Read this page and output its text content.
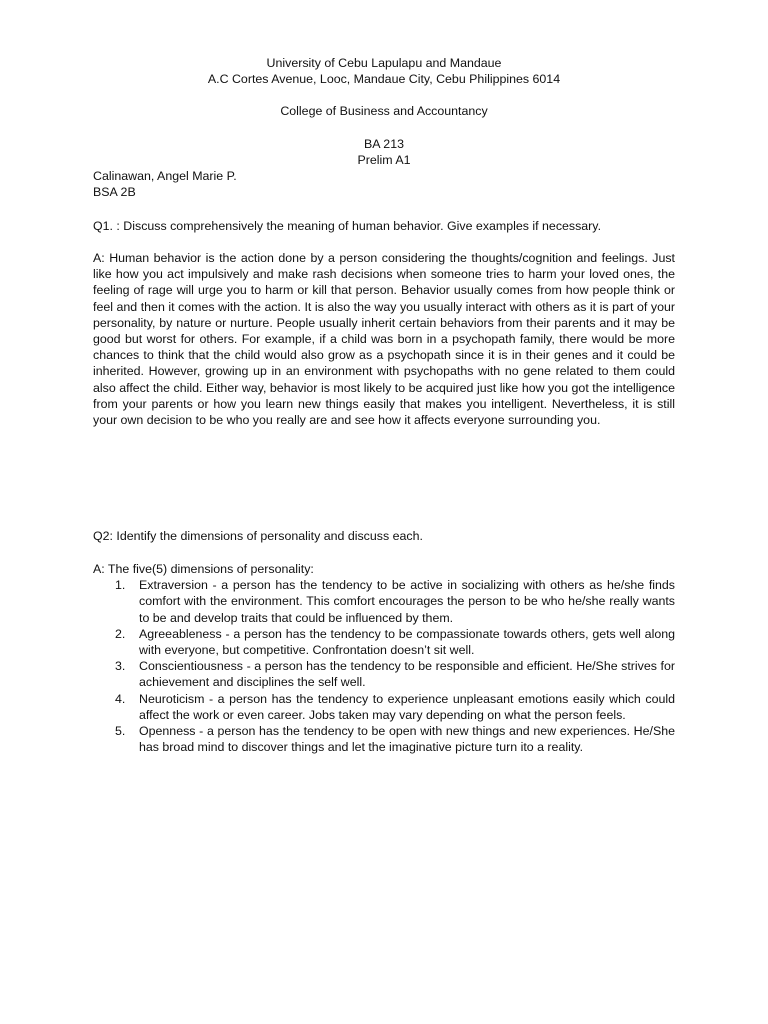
University of Cebu Lapulapu and Mandaue
A.C Cortes Avenue, Looc, Mandaue City, Cebu Philippines 6014
College of Business and Accountancy
BA 213
Prelim A1
Calinawan, Angel Marie P.
BSA 2B
Q1. : Discuss comprehensively the meaning of human behavior. Give examples if necessary.
A: Human behavior is the action done by a person considering the thoughts/cognition and feelings. Just like how you act impulsively and make rash decisions when someone tries to harm your loved ones, the feeling of rage will urge you to harm or kill that person. Behavior usually comes from how people think or feel and then it comes with the action. It is also the way you usually interact with others as it is part of your personality, by nature or nurture. People usually inherit certain behaviors from their parents and it may be good but worst for others. For example, if a child was born in a psychopath family, there would be more chances to think that the child would also grow as a psychopath since it is in their genes and it could be inherited. However, growing up in an environment with psychopaths with no gene related to them could also affect the child. Either way, behavior is most likely to be acquired just like how you got the intelligence from your parents or how you learn new things easily that makes you intelligent. Nevertheless, it is still your own decision to be who you really are and see how it affects everyone surrounding you.
Q2: Identify the dimensions of personality and discuss each.
A: The five(5) dimensions of personality:
1. Extraversion - a person has the tendency to be active in socializing with others as he/she finds comfort with the environment. This comfort encourages the person to be who he/she really wants to be and develop traits that could be influenced by them.
2. Agreeableness - a person has the tendency to be compassionate towards others, gets well along with everyone, but competitive. Confrontation doesn’t sit well.
3. Conscientiousness - a person has the tendency to be responsible and efficient. He/She strives for achievement and disciplines the self well.
4. Neuroticism - a person has the tendency to experience unpleasant emotions easily which could affect the work or even career. Jobs taken may vary depending on what the person feels.
5. Openness - a person has the tendency to be open with new things and new experiences. He/She has broad mind to discover things and let the imaginative picture turn ito a reality.
